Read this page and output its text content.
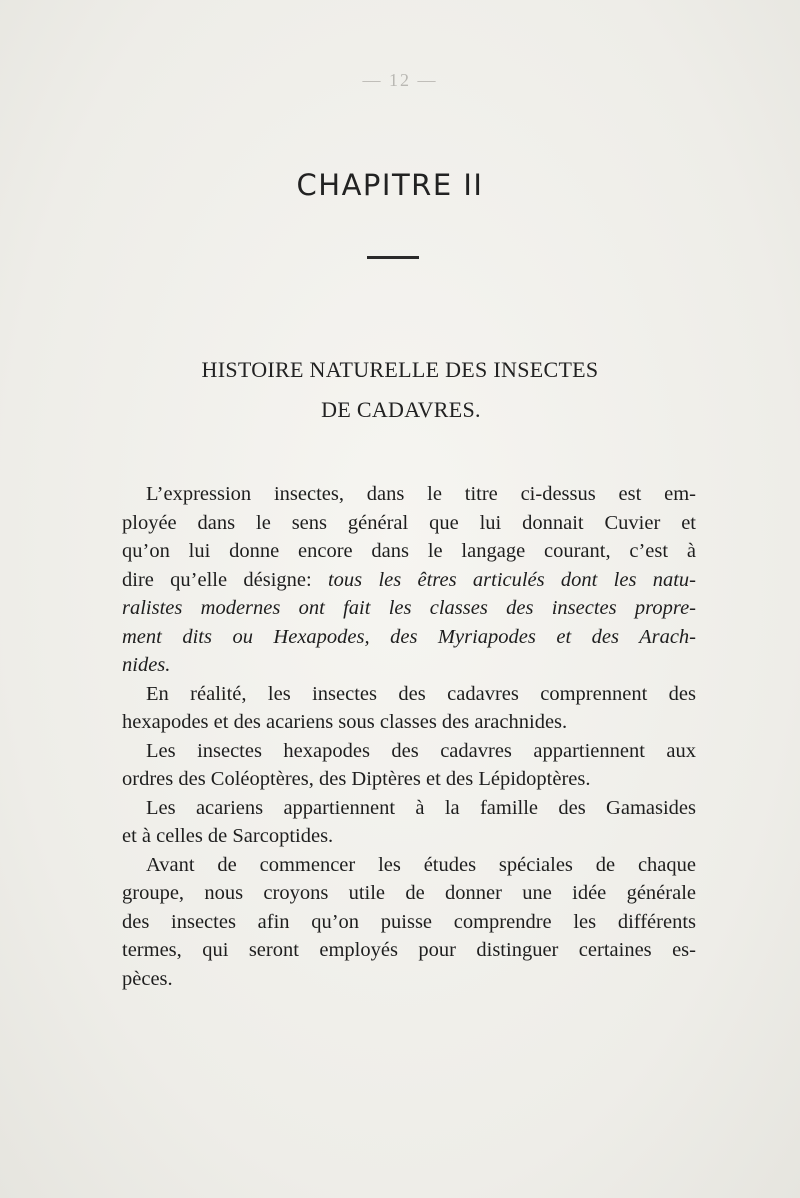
— 12 —
CHAPITRE II
HISTOIRE NATURELLE DES INSECTES
DE CADAVRES.
L’expression insectes, dans le titre ci-dessus est em-
ployée dans le sens général que lui donnait Cuvier et
qu’on lui donne encore dans le langage courant, c’est à
dire qu’elle désigne: tous les êtres articulés dont les natu-
ralistes modernes ont fait les classes des insectes propre-
ment dits ou Hexapodes, des Myriapodes et des Arach-
nides.
En réalité, les insectes des cadavres comprennent des
hexapodes et des acariens sous classes des arachnides.
Les insectes hexapodes des cadavres appartiennent aux
ordres des Coléoptères, des Diptères et des Lépidoptères.
Les acariens appartiennent à la famille des Gamasides
et à celles de Sarcoptides.
Avant de commencer les études spéciales de chaque
groupe, nous croyons utile de donner une idée générale
des insectes afin qu’on puisse comprendre les différents
termes, qui seront employés pour distinguer certaines es-
pèces.
